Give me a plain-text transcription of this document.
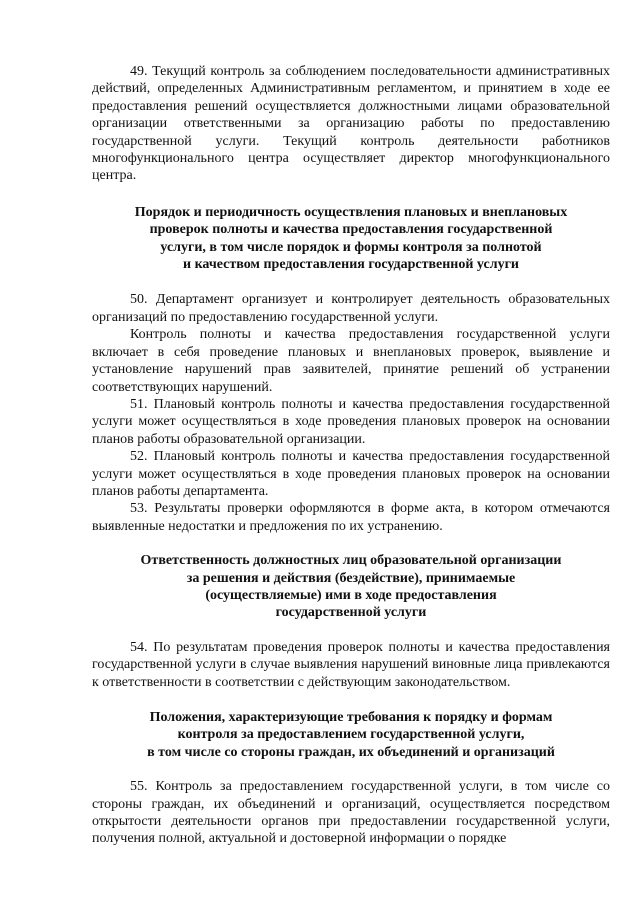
49. Текущий контроль за соблюдением последовательности административных действий, определенных Административным регламентом, и принятием в ходе ее предоставления решений осуществляется должностными лицами образовательной организации ответственными за организацию работы по предоставлению государственной услуги. Текущий контроль деятельности работников многофункционального центра осуществляет директор многофункционального центра.

Порядок и периодичность осуществления плановых и внеплановых
проверок полноты и качества предоставления государственной
услуги, в том числе порядок и формы контроля за полнотой
и качеством предоставления государственной услуги

50. Департамент организует и контролирует деятельность образовательных организаций по предоставлению государственной услуги.

Контроль полноты и качества предоставления государственной услуги включает в себя проведение плановых и внеплановых проверок, выявление и установление нарушений прав заявителей, принятие решений об устранении соответствующих нарушений.

51. Плановый контроль полноты и качества предоставления государственной услуги может осуществляться в ходе проведения плановых проверок на основании планов работы образовательной организации.

52. Плановый контроль полноты и качества предоставления государственной услуги может осуществляться в ходе проведения плановых проверок на основании планов работы департамента.

53. Результаты проверки оформляются в форме акта, в котором отмечаются выявленные недостатки и предложения по их устранению.

Ответственность должностных лиц образовательной организации
за решения и действия (бездействие), принимаемые
(осуществляемые) ими в ходе предоставления
государственной услуги

54. По результатам проведения проверок полноты и качества предоставления государственной услуги в случае выявления нарушений виновные лица привлекаются к ответственности в соответствии с действующим законодательством.

Положения, характеризующие требования к порядку и формам
контроля за предоставлением государственной услуги,
в том числе со стороны граждан, их объединений и организаций

55. Контроль за предоставлением государственной услуги, в том числе со стороны граждан, их объединений и организаций, осуществляется посредством открытости деятельности органов при предоставлении государственной услуги, получения полной, актуальной и достоверной информации о порядке
